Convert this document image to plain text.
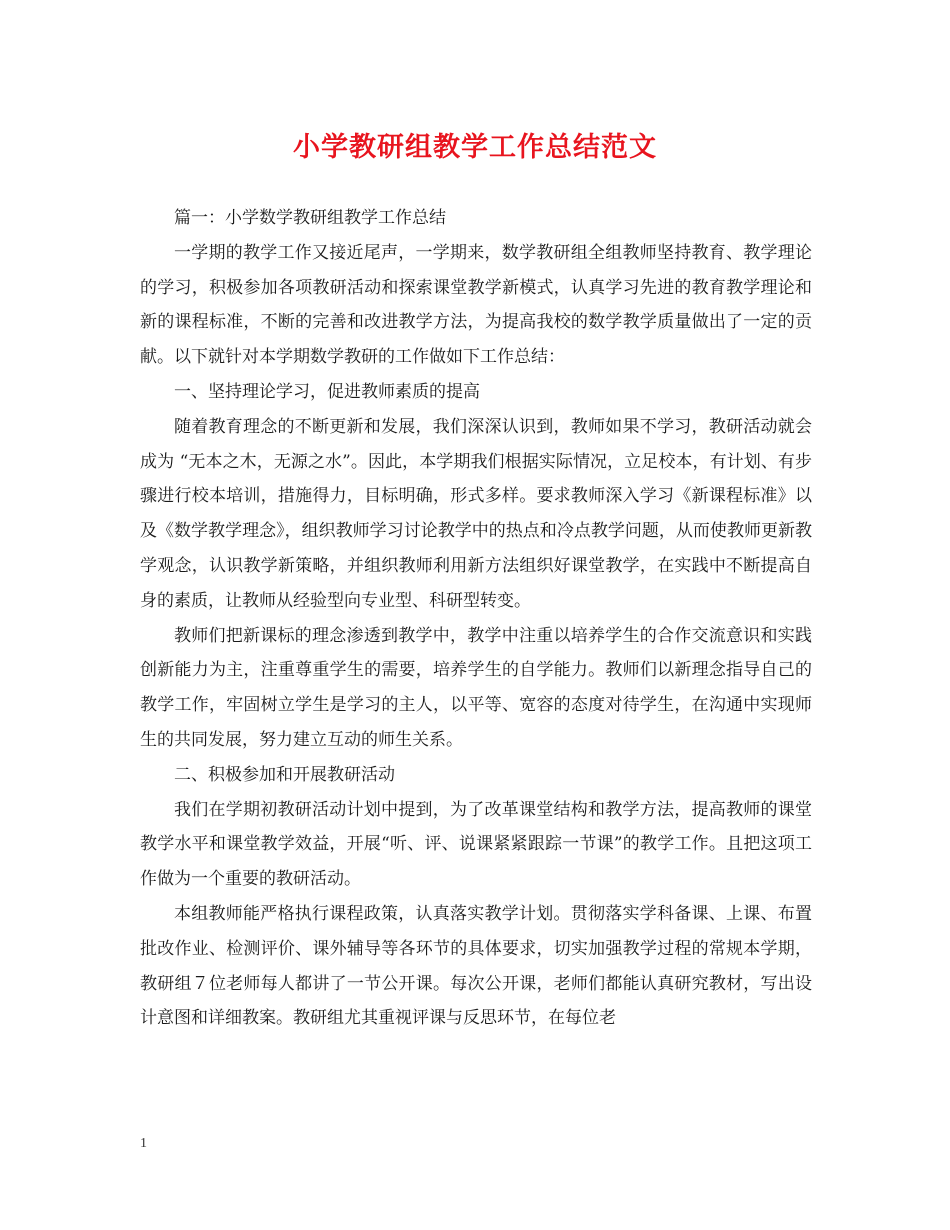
小学教研组教学工作总结范文

篇一：小学数学教研组教学工作总结

一学期的教学工作又接近尾声，一学期来，数学教研组全组教师坚持教育、教学理论的学习，积极参加各项教研活动和探索课堂教学新模式，认真学习先进的教育教学理论和新的课程标准，不断的完善和改进教学方法，为提高我校的数学教学质量做出了一定的贡献。以下就针对本学期数学教研的工作做如下工作总结：

一、坚持理论学习，促进教师素质的提高

随着教育理念的不断更新和发展，我们深深认识到，教师如果不学习，教研活动就会成为 “无本之木，无源之水”。因此，本学期我们根据实际情况，立足校本，有计划、有步骤进行校本培训，措施得力，目标明确，形式多样。要求教师深入学习《新课程标准》以及《数学教学理念》，组织教师学习讨论教学中的热点和冷点教学问题，从而使教师更新教学观念，认识教学新策略，并组织教师利用新方法组织好课堂教学，在实践中不断提高自身的素质，让教师从经验型向专业型、科研型转变。

教师们把新课标的理念渗透到教学中，教学中注重以培养学生的合作交流意识和实践创新能力为主，注重尊重学生的需要，培养学生的自学能力。教师们以新理念指导自己的教学工作，牢固树立学生是学习的主人，以平等、宽容的态度对待学生，在沟通中实现师生的共同发展，努力建立互动的师生关系。

二、积极参加和开展教研活动

我们在学期初教研活动计划中提到，为了改革课堂结构和教学方法，提高教师的课堂教学水平和课堂教学效益，开展“听、评、说课紧紧跟踪一节课”的教学工作。且把这项工作做为一个重要的教研活动。

本组教师能严格执行课程政策，认真落实教学计划。贯彻落实学科备课、上课、布置批改作业、检测评价、课外辅导等各环节的具体要求，切实加强教学过程的常规本学期，教研组７位老师每人都讲了一节公开课。每次公开课，老师们都能认真研究教材，写出设计意图和详细教案。教研组尤其重视评课与反思环节，在每位老

1
